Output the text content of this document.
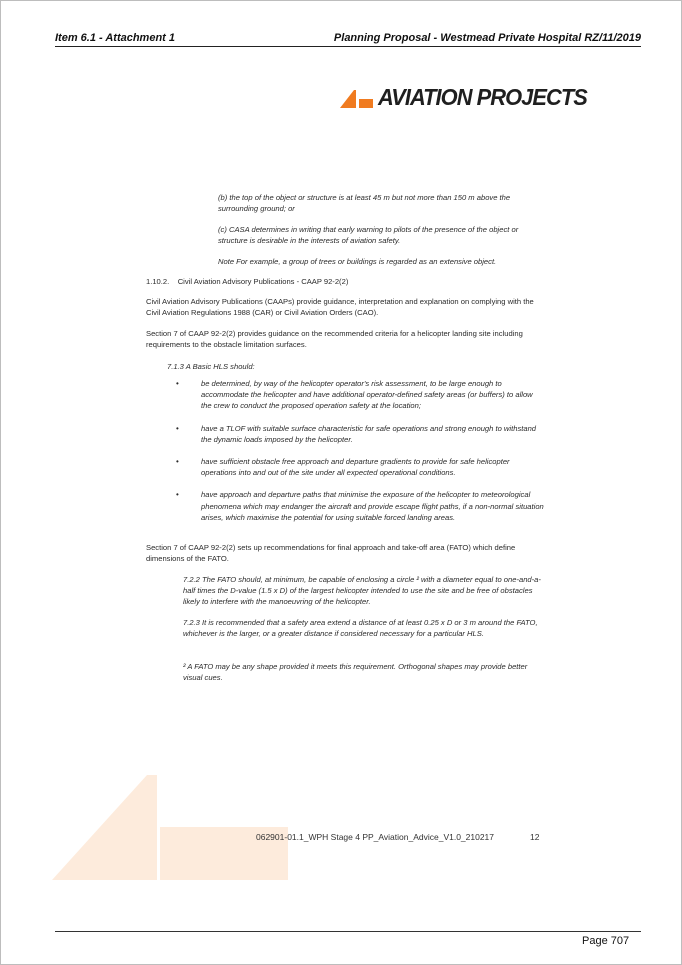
Item 6.1 - Attachment 1	Planning Proposal - Westmead Private Hospital RZ/11/2019
AVIATION PROJECTS
(b) the top of the object or structure is at least 45 m but not more than 150 m above the surrounding ground; or
(c) CASA determines in writing that early warning to pilots of the presence of the object or structure is desirable in the interests of aviation safety.
Note For example, a group of trees or buildings is regarded as an extensive object.
1.10.2. Civil Aviation Advisory Publications - CAAP 92-2(2)
Civil Aviation Advisory Publications (CAAPs) provide guidance, interpretation and explanation on complying with the Civil Aviation Regulations 1988 (CAR) or Civil Aviation Orders (CAO).
Section 7 of CAAP 92-2(2) provides guidance on the recommended criteria for a helicopter landing site including requirements to the obstacle limitation surfaces.
7.1.3 A Basic HLS should:
•	be determined, by way of the helicopter operator's risk assessment, to be large enough to accommodate the helicopter and have additional operator-defined safety areas (or buffers) to allow the crew to conduct the proposed operation safety at the location;
•	have a TLOF with suitable surface characteristic for safe operations and strong enough to withstand the dynamic loads imposed by the helicopter.
•	have sufficient obstacle free approach and departure gradients to provide for safe helicopter operations into and out of the site under all expected operational conditions.
•	have approach and departure paths that minimise the exposure of the helicopter to meteorological phenomena which may endanger the aircraft and provide escape flight paths, if a non-normal situation arises, which maximise the potential for using suitable forced landing areas.
Section 7 of CAAP 92-2(2) sets up recommendations for final approach and take-off area (FATO) which define dimensions of the FATO.
7.2.2 The FATO should, at minimum, be capable of enclosing a circle ² with a diameter equal to one-and-a-half times the D-value (1.5 x D) of the largest helicopter intended to use the site and be free of obstacles likely to interfere with the manoeuvring of the helicopter.
7.2.3 It is recommended that a safety area extend a distance of at least 0.25 x D or 3 m around the FATO, whichever is the larger, or a greater distance if considered necessary for a particular HLS.
² A FATO may be any shape provided it meets this requirement. Orthogonal shapes may provide better visual cues.
062901-01.1_WPH Stage 4 PP_Aviation_Advice_V1.0_210217	12
Page 707
